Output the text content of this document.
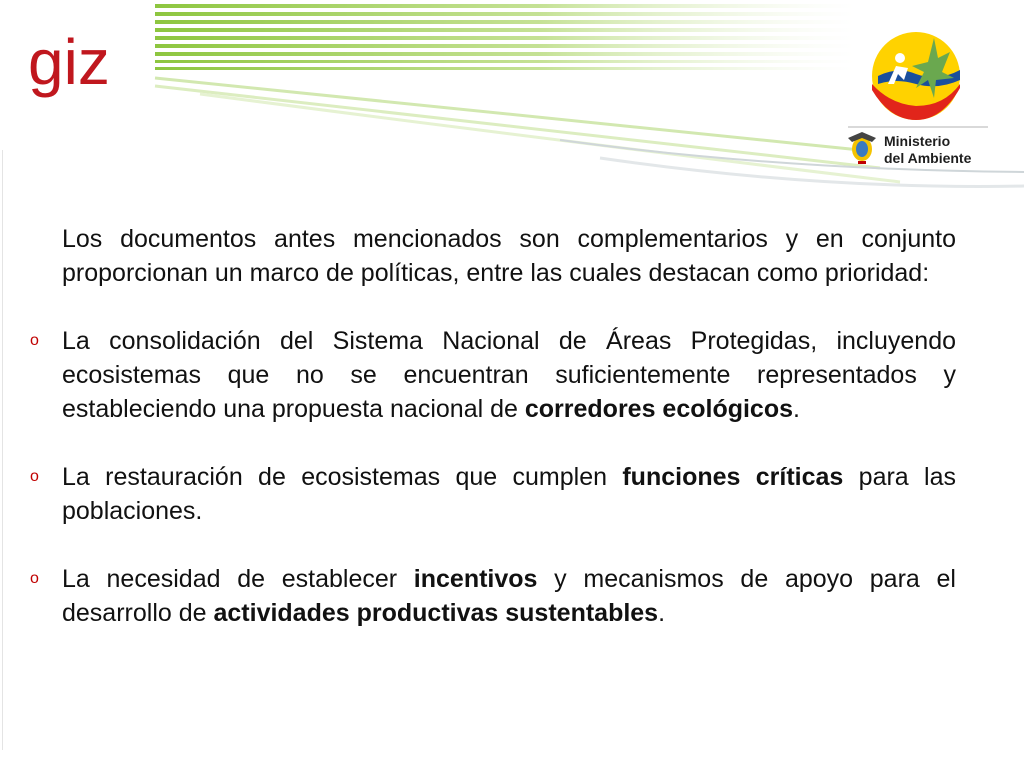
giz
Ministerio
del Ambiente

Los documentos antes mencionados son complementarios y en conjunto proporcionan un marco de políticas, entre las cuales destacan como prioridad:

o La consolidación del Sistema Nacional de Áreas Protegidas, incluyendo ecosistemas que no se encuentran suficientemente representados y estableciendo una propuesta nacional de corredores ecológicos.

o La restauración de ecosistemas que cumplen funciones críticas para las poblaciones.

o La necesidad de establecer incentivos y mecanismos de apoyo para el desarrollo de actividades productivas sustentables.
